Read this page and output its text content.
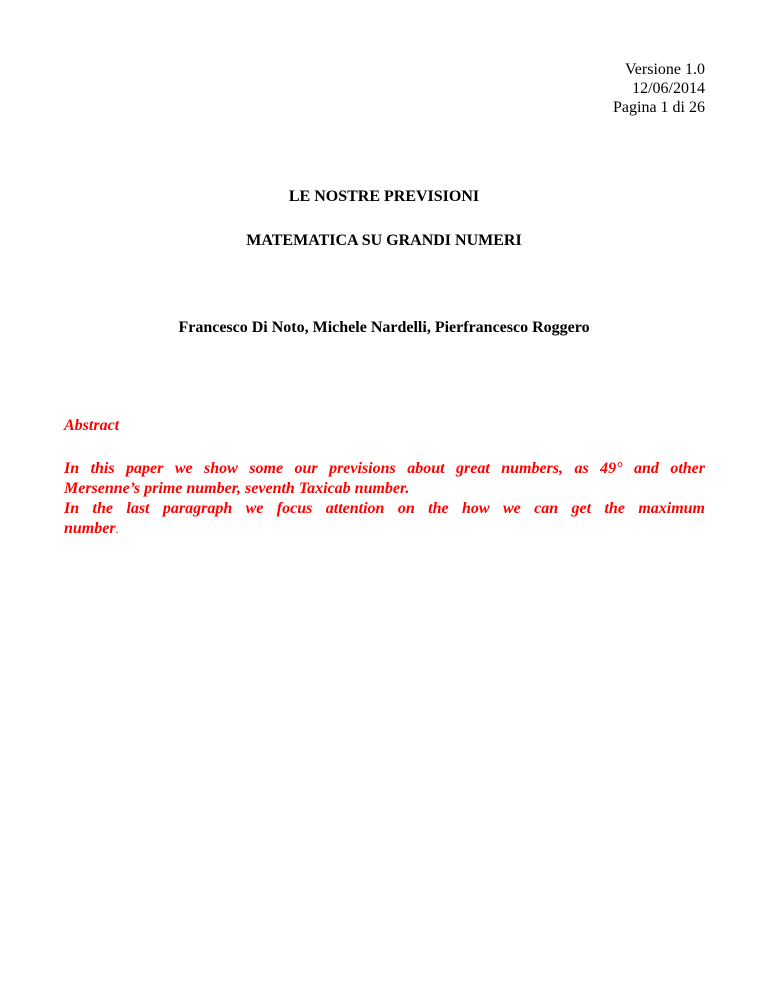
Versione 1.0
12/06/2014
Pagina 1 di 26
LE NOSTRE PREVISIONI
MATEMATICA SU GRANDI NUMERI
Francesco Di Noto, Michele Nardelli, Pierfrancesco Roggero
Abstract

In this paper we show some our previsions about great numbers, as 49° and other

Mersenne’s prime number, seventh Taxicab number.

In the last paragraph we focus attention on the how we can get the maximum

number.
